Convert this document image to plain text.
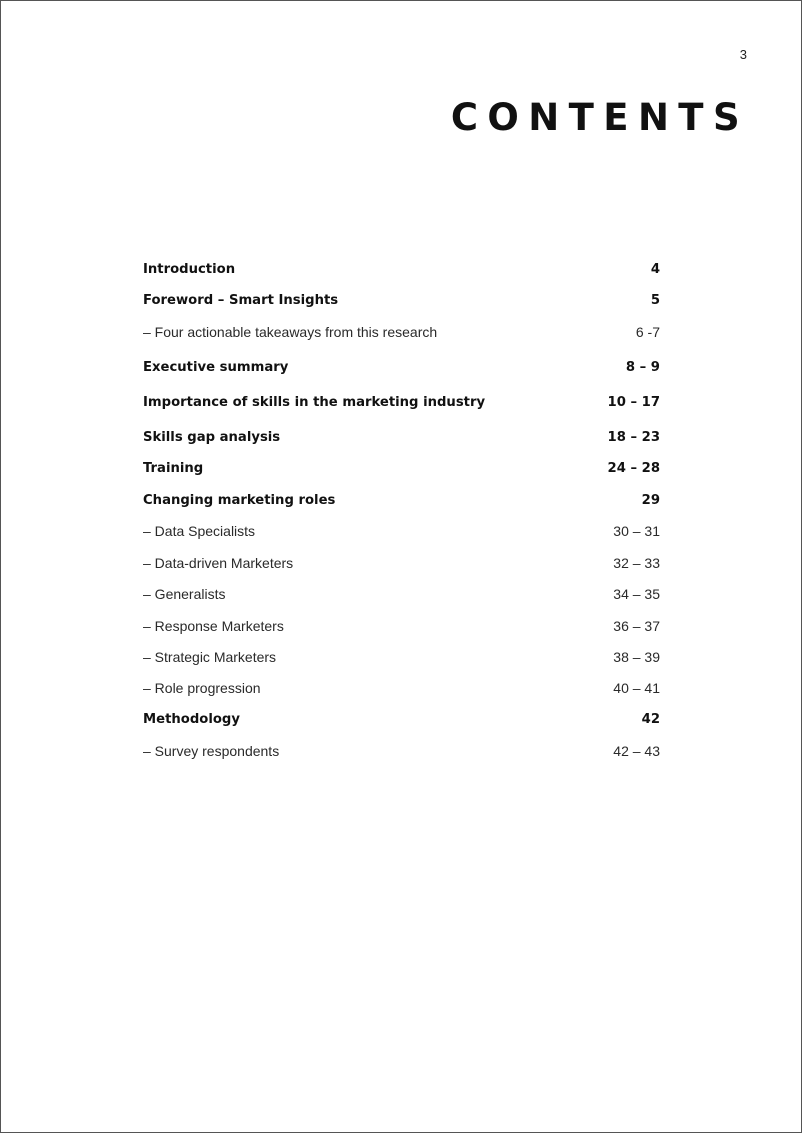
3
CONTENTS
Introduction	4
Foreword – Smart Insights	5
– Four actionable takeaways from this research	6 -7
Executive summary	8 – 9
Importance of skills in the marketing industry	10 – 17
Skills gap analysis	18 – 23
Training	24 – 28
Changing marketing roles	29
– Data Specialists	30 – 31
– Data-driven Marketers	32 – 33
– Generalists	34 – 35
– Response Marketers	36 – 37
– Strategic Marketers	38 – 39
– Role progression	40 – 41
Methodology	42
– Survey respondents	42 – 43
